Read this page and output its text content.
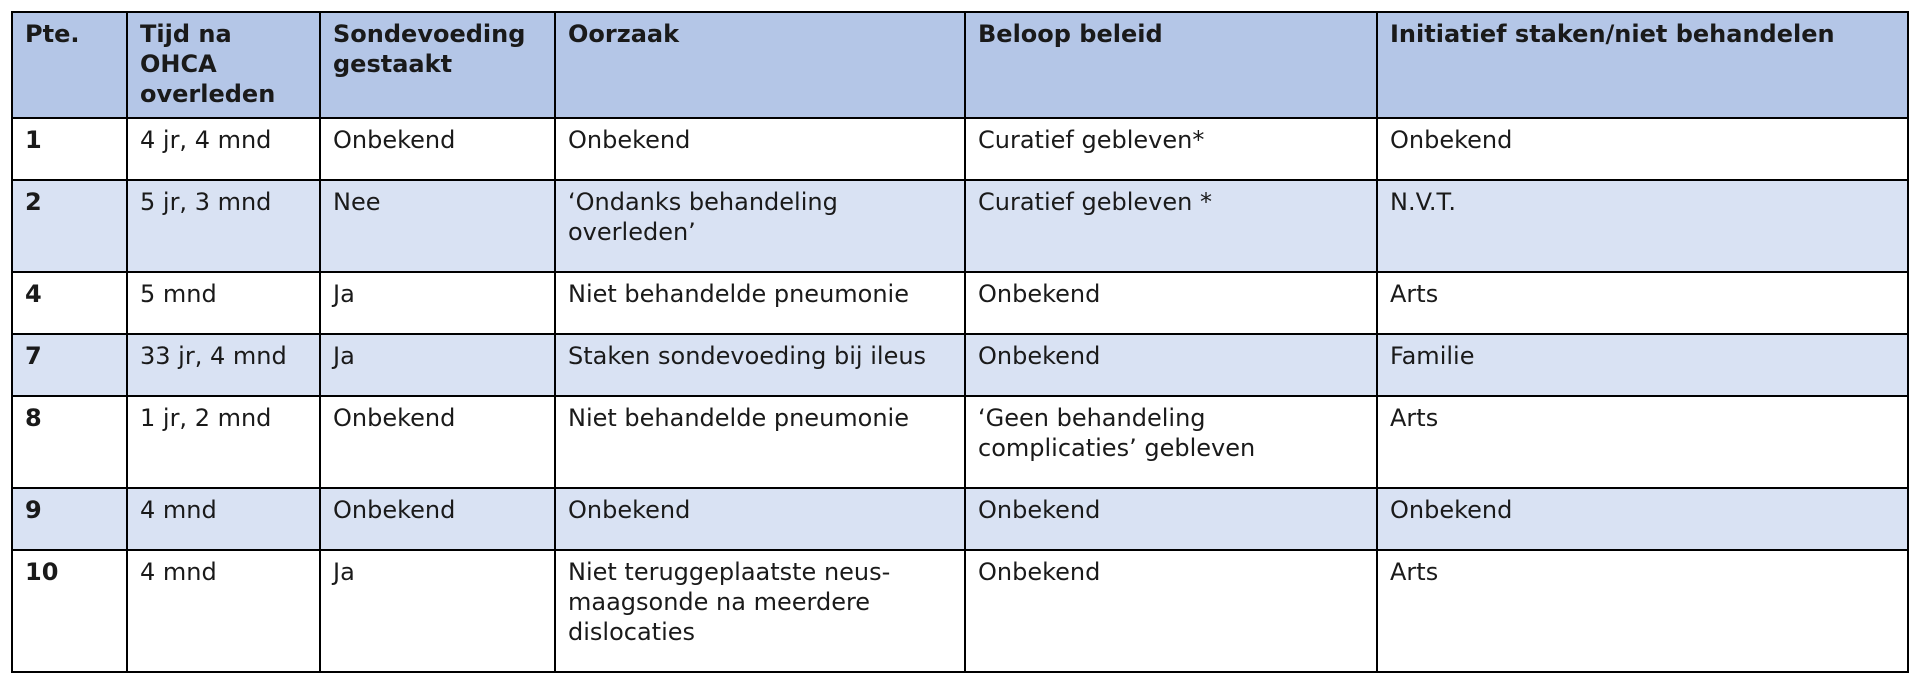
Pte.	Tijd na OHCA overleden	Sondevoeding gestaakt	Oorzaak	Beloop beleid	Initiatief staken/niet behandelen
1	4 jr, 4 mnd	Onbekend	Onbekend	Curatief gebleven*	Onbekend
2	5 jr, 3 mnd	Nee	‘Ondanks behandeling overleden’	Curatief gebleven *	N.V.T.
4	5 mnd	Ja	Niet behandelde pneumonie	Onbekend	Arts
7	33 jr, 4 mnd	Ja	Staken sondevoeding bij ileus	Onbekend	Familie
8	1 jr, 2 mnd	Onbekend	Niet behandelde pneumonie	‘Geen behandeling complicaties’ gebleven	Arts
9	4 mnd	Onbekend	Onbekend	Onbekend	Onbekend
10	4 mnd	Ja	Niet teruggeplaatste neus-maagsonde na meerdere dislocaties	Onbekend	Arts
